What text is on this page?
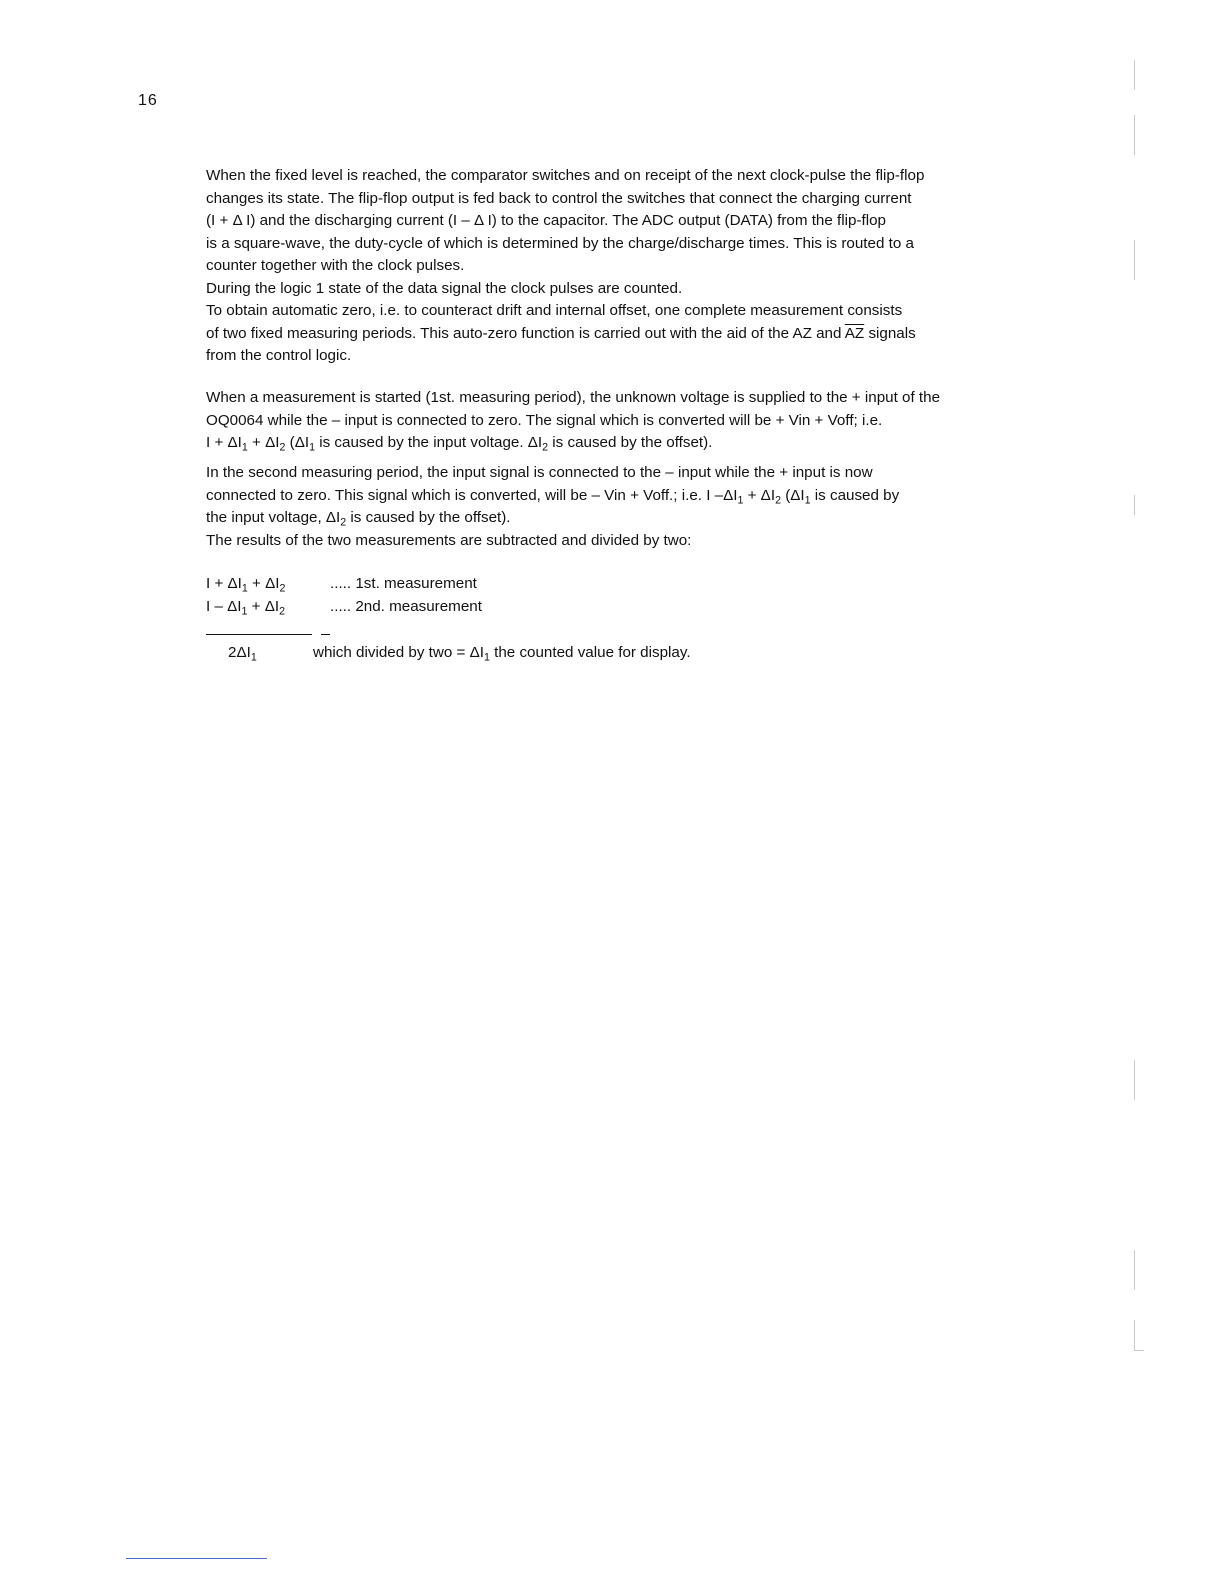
16
When the fixed level is reached, the comparator switches and on receipt of the next clock-pulse the flip-flop
changes its state. The flip-flop output is fed back to control the switches that connect the charging current
(I + Δ I) and the discharging current (I – Δ I) to the capacitor. The ADC output (DATA) from the flip-flop
is a square-wave, the duty-cycle of which is determined by the charge/discharge times. This is routed to a
counter together with the clock pulses.
During the logic 1 state of the data signal the clock pulses are counted.
To obtain automatic zero, i.e. to counteract drift and internal offset, one complete measurement consists
of two fixed measuring periods. This auto-zero function is carried out with the aid of the AZ and $\overline{AZ}$ signals
from the control logic.
When a measurement is started (1st. measuring period), the unknown voltage is supplied to the + input of the
OQ0064 while the – input is connected to zero. The signal which is converted will be + Vin + Voff; i.e.
$I + \Delta I_1 + \Delta I_2$ ($\Delta I_1$ is caused by the input voltage. $\Delta I_2$ is caused by the offset).
In the second measuring period, the input signal is connected to the – input while the + input is now
connected to zero. This signal which is converted, will be – Vin + Voff.; i.e. I $-\Delta I_1 + \Delta I_2$ ($\Delta I_1$ is caused by
the input voltage, $\Delta I_2$ is caused by the offset).
The results of the two measurements are subtracted and divided by two:
$I + \Delta I_1 + \Delta I_2$	..... 1st. measurement
$I - \Delta I_1 + \Delta I_2$	..... 2nd. measurement
$2\Delta I_1$	which divided by two = $\Delta I_1$ the counted value for display.
